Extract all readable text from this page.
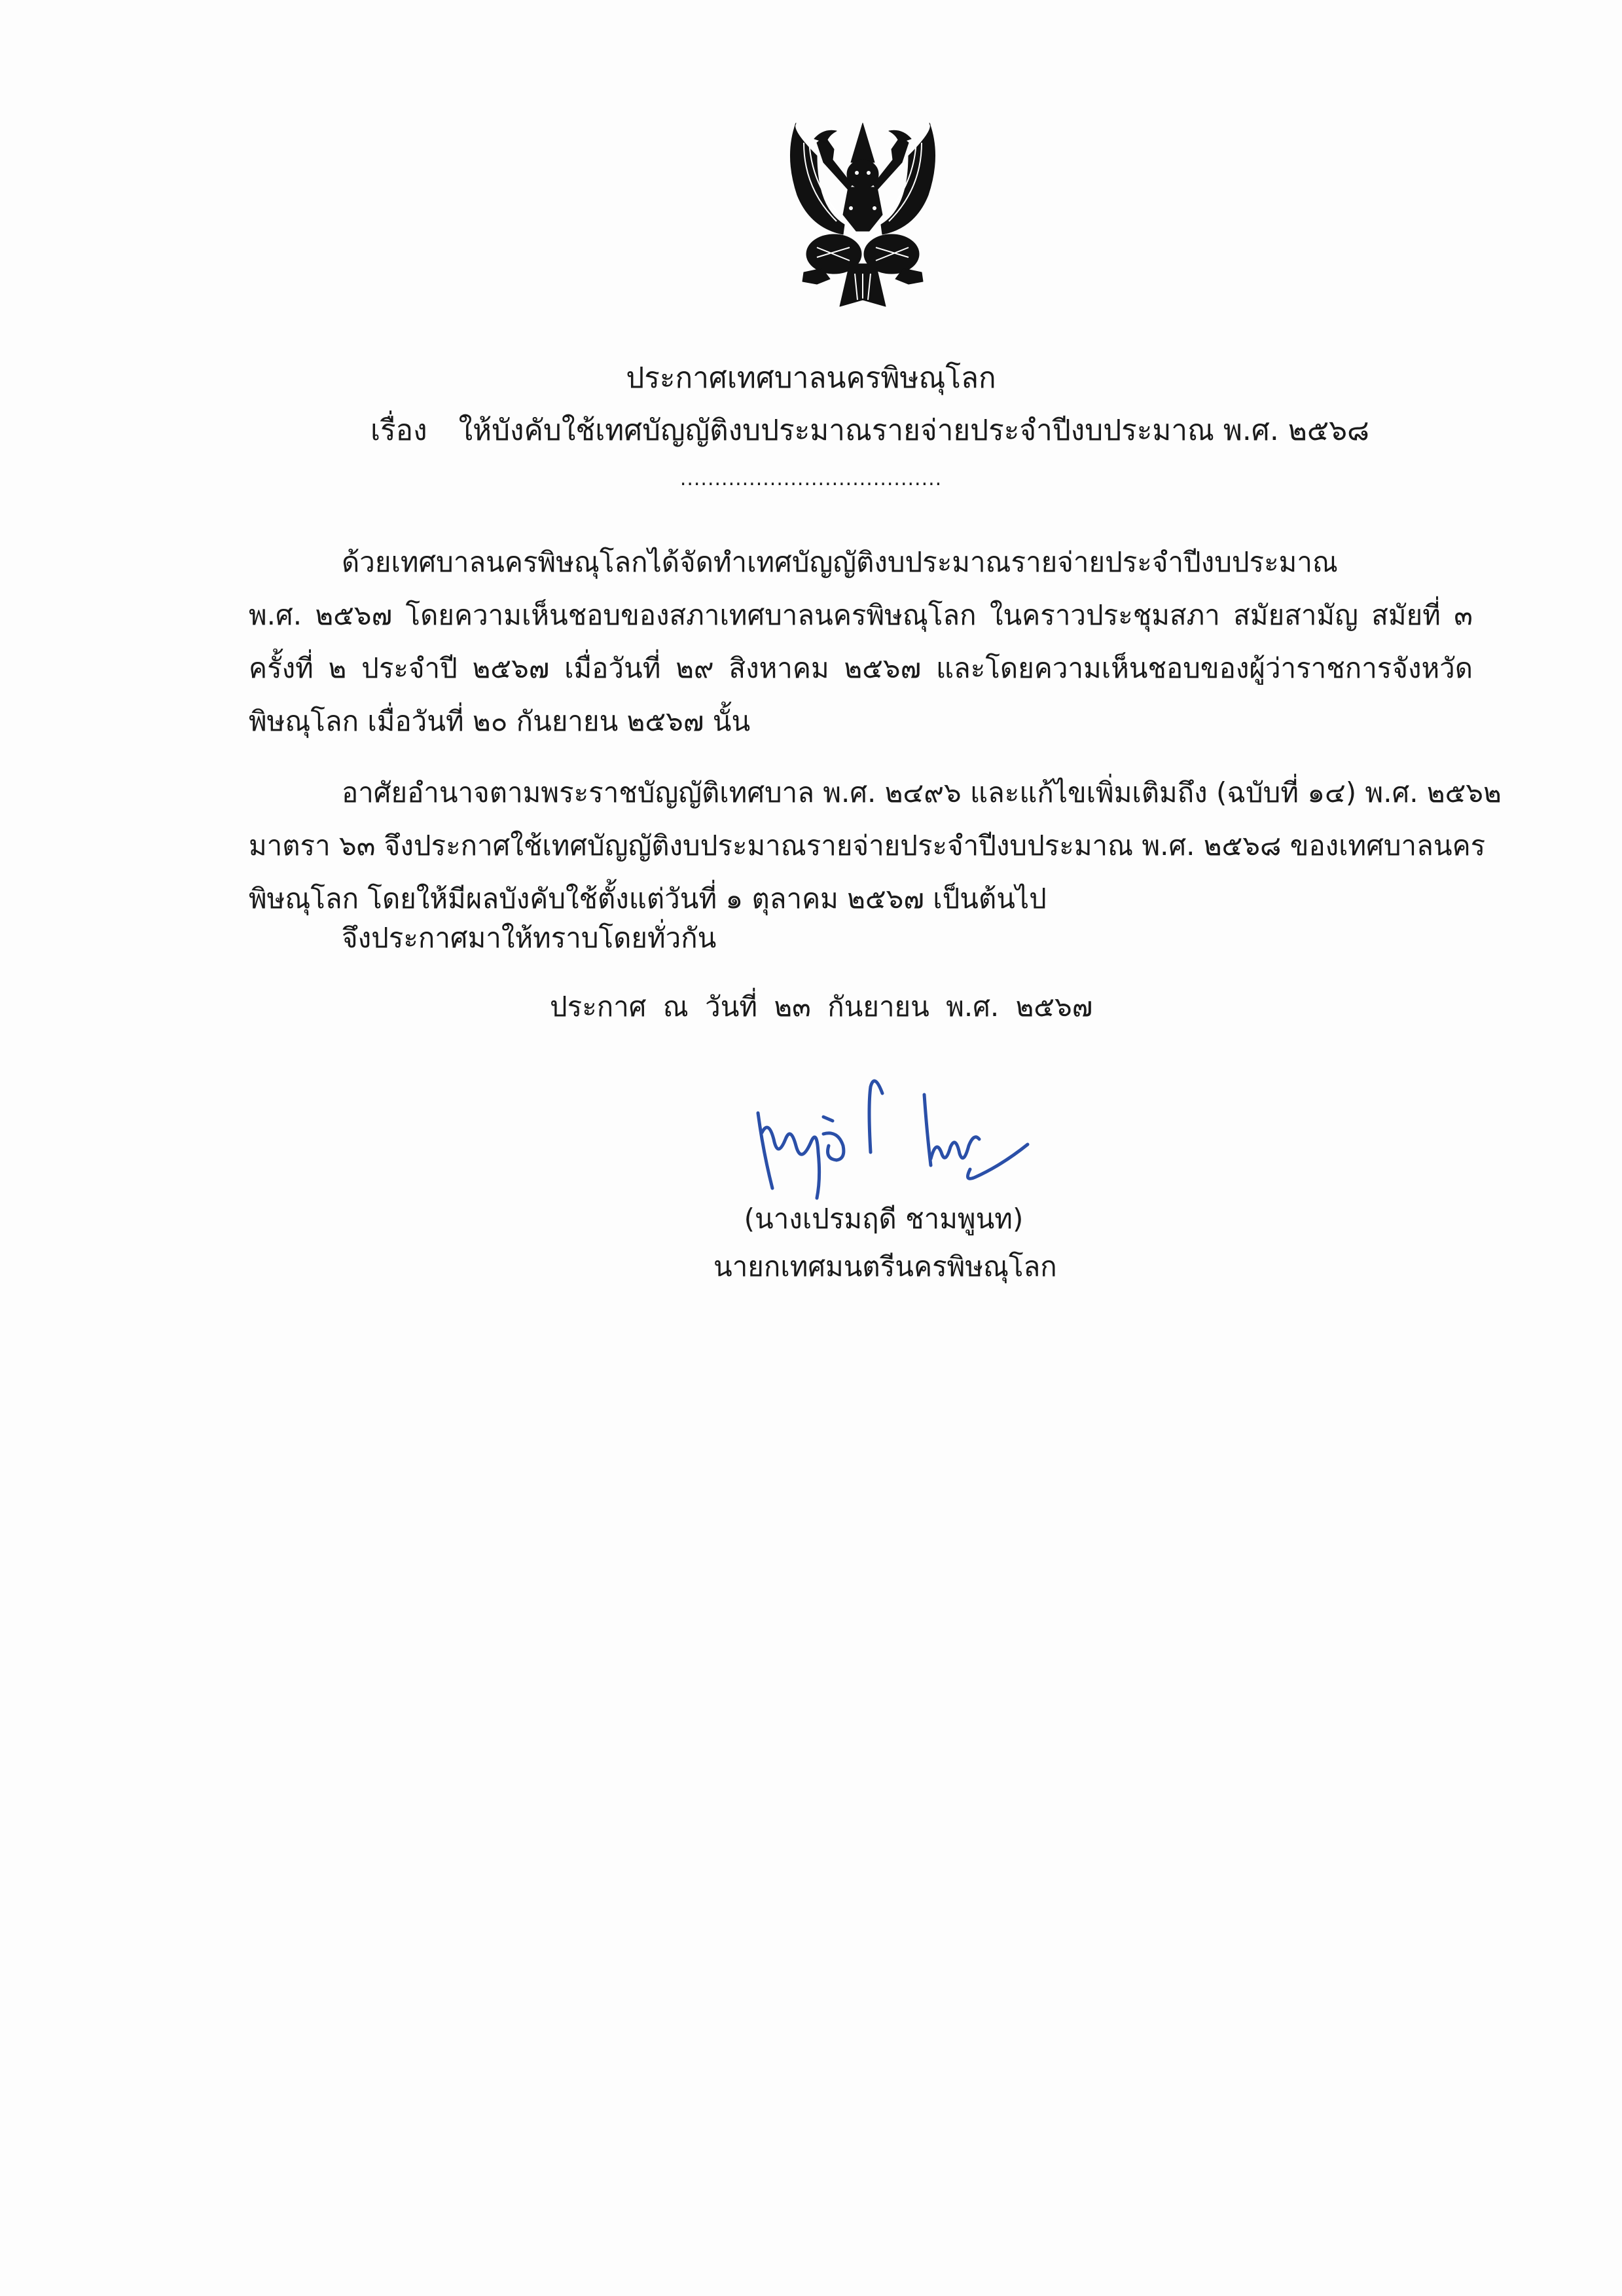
ประกาศเทศบาลนครพิษณุโลก
เรื่อง ให้บังคับใช้เทศบัญญัติงบประมาณรายจ่ายประจำปีงบประมาณ พ.ศ. ๒๕๖๘
......................................
ด้วยเทศบาลนครพิษณุโลกได้จัดทำเทศบัญญัติงบประมาณรายจ่ายประจำปีงบประมาณ
พ.ศ. ๒๕๖๗ โดยความเห็นชอบของสภาเทศบาลนครพิษณุโลก ในคราวประชุมสภา สมัยสามัญ สมัยที่ ๓
ครั้งที่ ๒ ประจำปี ๒๕๖๗ เมื่อวันที่ ๒๙ สิงหาคม ๒๕๖๗ และโดยความเห็นชอบของผู้ว่าราชการจังหวัด
พิษณุโลก เมื่อวันที่ ๒๐ กันยายน ๒๕๖๗ นั้น
อาศัยอำนาจตามพระราชบัญญัติเทศบาล พ.ศ. ๒๔๙๖ และแก้ไขเพิ่มเติมถึง (ฉบับที่ ๑๔) พ.ศ. ๒๕๖๒
มาตรา ๖๓ จึงประกาศใช้เทศบัญญัติงบประมาณรายจ่ายประจำปีงบประมาณ พ.ศ. ๒๕๖๘ ของเทศบาลนคร
พิษณุโลก โดยให้มีผลบังคับใช้ตั้งแต่วันที่ ๑ ตุลาคม ๒๕๖๗ เป็นต้นไป
จึงประกาศมาให้ทราบโดยทั่วกัน
ประกาศ ณ วันที่ ๒๓ กันยายน พ.ศ. ๒๕๖๗
(นางเปรมฤดี ชามพูนท)
นายกเทศมนตรีนครพิษณุโลก
